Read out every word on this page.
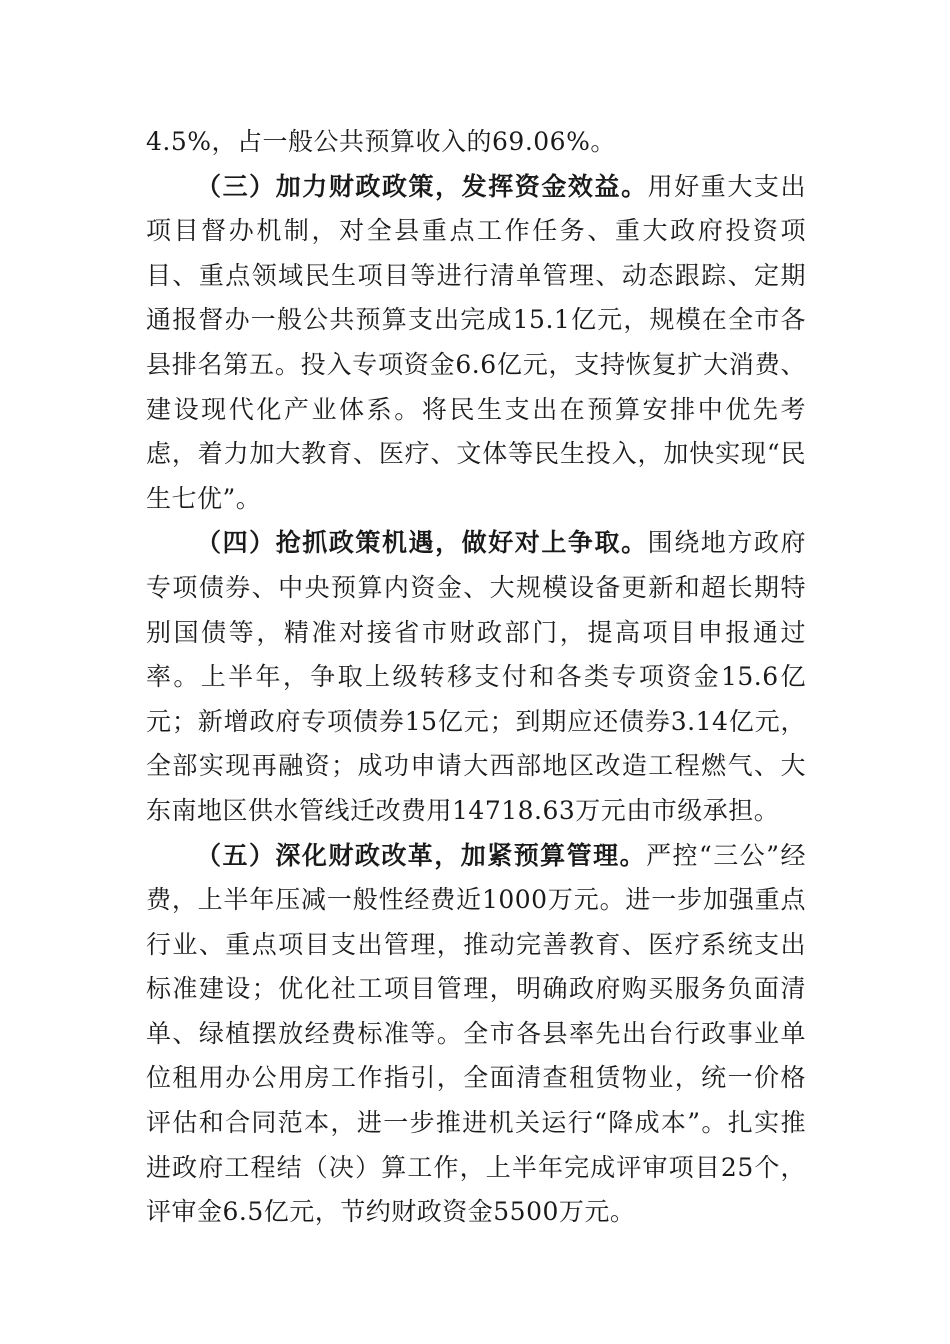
4.5%，占一般公共预算收入的69.06%。

（三）加力财政政策，发挥资金效益。用好重大支出项目督办机制，对全县重点工作任务、重大政府投资项目、重点领域民生项目等进行清单管理、动态跟踪、定期通报督办一般公共预算支出完成15.1亿元，规模在全市各县排名第五。投入专项资金6.6亿元，支持恢复扩大消费、建设现代化产业体系。将民生支出在预算安排中优先考虑，着力加大教育、医疗、文体等民生投入，加快实现“民生七优”。

（四）抢抓政策机遇，做好对上争取。围绕地方政府专项债券、中央预算内资金、大规模设备更新和超长期特别国债等，精准对接省市财政部门，提高项目申报通过率。上半年，争取上级转移支付和各类专项资金15.6亿元；新增政府专项债券15亿元；到期应还债券3.14亿元，全部实现再融资；成功申请大西部地区改造工程燃气、大东南地区供水管线迁改费用14718.63万元由市级承担。

（五）深化财政改革，加紧预算管理。严控“三公”经费，上半年压减一般性经费近1000万元。进一步加强重点行业、重点项目支出管理，推动完善教育、医疗系统支出标准建设；优化社工项目管理，明确政府购买服务负面清单、绿植摆放经费标准等。全市各县率先出台行政事业单位租用办公用房工作指引，全面清查租赁物业，统一价格评估和合同范本，进一步推进机关运行“降成本”。扎实推进政府工程结（决）算工作，上半年完成评审项目25个，评审金6.5亿元，节约财政资金5500万元。
